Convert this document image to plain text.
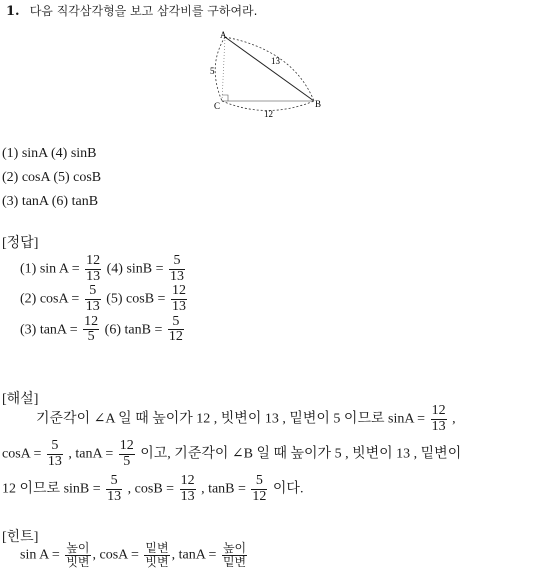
1. 다음 직각삼각형을 보고 삼각비를 구하여라.
A
B
C
13
5
12
(1) sinA (4) sinB
(2) cosA (5) cosB
(3) tanA (6) tanB
[정답]
(1) $\sin A = \frac{12}{13} (4) \sin B = \frac{5}{13}$
(2) $\cos A = \frac{5}{13} (5) \cos B = \frac{12}{13}$
(3) $\tan A = \frac{12}{5} (6) \tan B = \frac{5}{12}$
[해설]
기준각이 ∠A 일 때 높이가 12 , 빗변이 13 , 밑변이 5 이므로 $\sin A = \frac{12}{13}$ ,
$\cos A = \frac{5}{13}$ , $\tan A = \frac{12}{5}$ 이고, 기준각이 ∠B 일 때 높이가 5 , 빗변이 13 , 밑변이
12 이므로 $\sin B = \frac{5}{13}$ , $\cos B = \frac{12}{13}$ , $\tan B = \frac{5}{12}$ 이다.
[힌트]
$\sin A = \frac{\text{높이}}{\text{빗변}}$ , $\cos A = \frac{\text{밑변}}{\text{빗변}}$ , $\tan A = \frac{\text{높이}}{\text{밑변}}$
